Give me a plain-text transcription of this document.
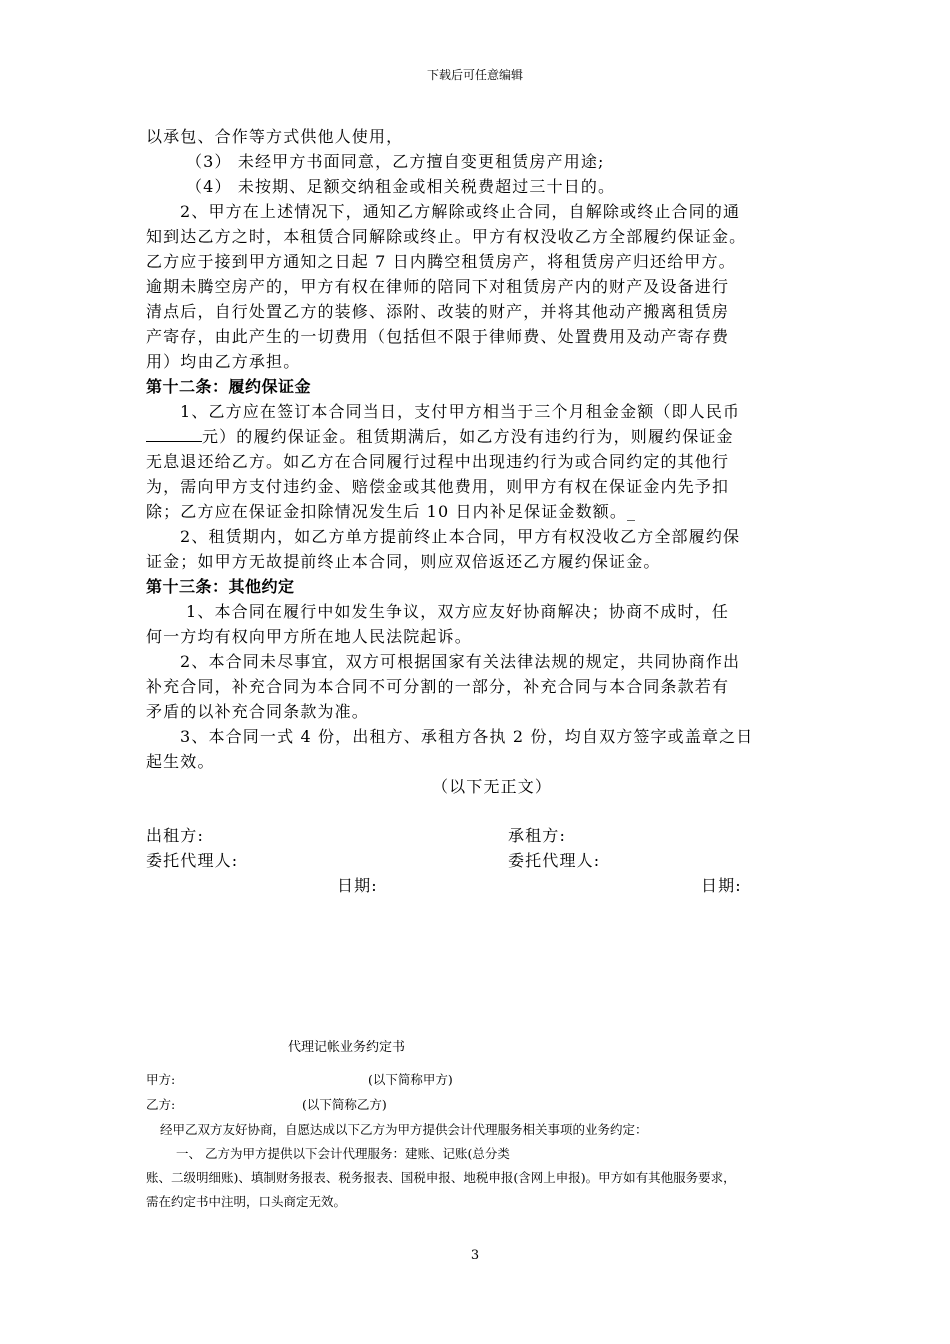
下载后可任意编辑
以承包、合作等方式供他人使用，
（3） 未经甲方书面同意，乙方擅自变更租赁房产用途;
（4） 未按期、足额交纳租金或相关税费超过三十日的。
2、甲方在上述情况下，通知乙方解除或终止合同，自解除或终止合同的通
知到达乙方之时，本租赁合同解除或终止。甲方有权没收乙方全部履约保证金。
乙方应于接到甲方通知之日起 7 日内腾空租赁房产，将租赁房产归还给甲方。
逾期未腾空房产的，甲方有权在律师的陪同下对租赁房产内的财产及设备进行
清点后，自行处置乙方的装修、添附、改装的财产，并将其他动产搬离租赁房
产寄存，由此产生的一切费用（包括但不限于律师费、处置费用及动产寄存费
用）均由乙方承担。
第十二条：履约保证金
1、乙方应在签订本合同当日，支付甲方相当于三个月租金金额（即人民币
元）的履约保证金。租赁期满后，如乙方没有违约行为，则履约保证金
无息退还给乙方。如乙方在合同履行过程中出现违约行为或合同约定的其他行
为，需向甲方支付违约金、赔偿金或其他费用，则甲方有权在保证金内先予扣
除；乙方应在保证金扣除情况发生后 10 日内补足保证金数额。_
2、租赁期内，如乙方单方提前终止本合同，甲方有权没收乙方全部履约保
证金；如甲方无故提前终止本合同，则应双倍返还乙方履约保证金。
第十三条：其他约定
1、本合同在履行中如发生争议，双方应友好协商解决；协商不成时，任
何一方均有权向甲方所在地人民法院起诉。
2、本合同未尽事宜，双方可根据国家有关法律法规的规定，共同协商作出
补充合同，补充合同为本合同不可分割的一部分，补充合同与本合同条款若有
矛盾的以补充合同条款为准。
3、本合同一式 4 份，出租方、承租方各执 2 份，均自双方签字或盖章之日
起生效。
（以下无正文）
出租方:	承租方:
委托代理人:	委托代理人:
日期:	日期:
代理记帐业务约定书
甲方:	(以下简称甲方)
乙方:	(以下简称乙方)
经甲乙双方友好协商，自愿达成以下乙方为甲方提供会计代理服务相关事项的业务约定：
一、 乙方为甲方提供以下会计代理服务：建账、记账(总分类
账、二级明细账)、填制财务报表、税务报表、国税申报、地税申报(含网上申报)。甲方如有其他服务要求，
需在约定书中注明，口头商定无效。
3
